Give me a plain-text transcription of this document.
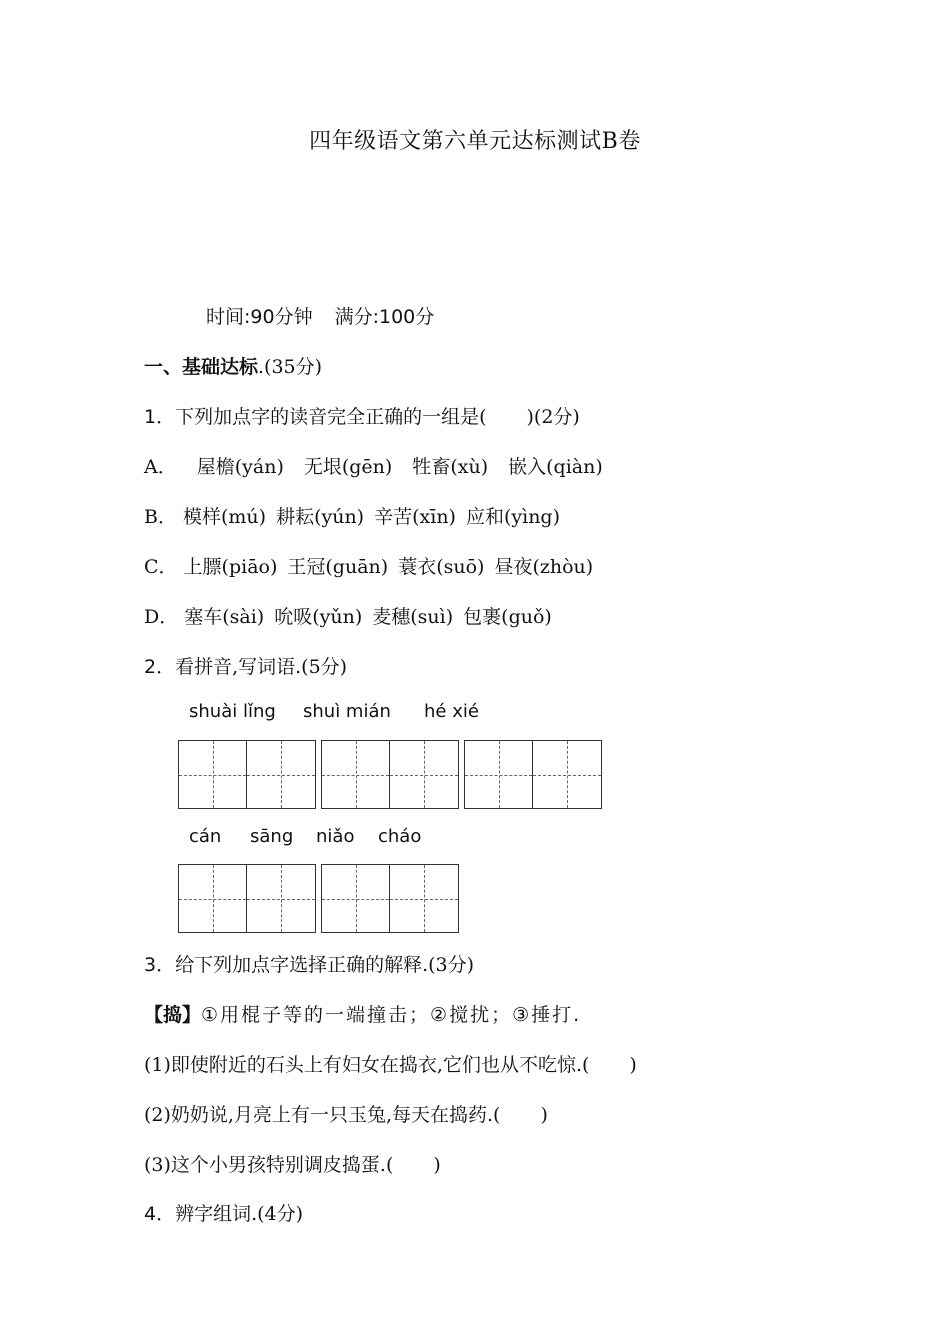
四年级语文第六单元达标测试B卷
时间:90分钟 满分:100分
一、基础达标.(35分)
1．下列加点字的读音完全正确的一组是( )(2分)
A． 屋檐(yán) 无垠(gēn) 牲畜(xù) 嵌入(qiàn)
B． 模样(mú) 耕耘(yún) 辛苦(xīn) 应和(yìng)
C． 上膘(piāo) 王冠(guān) 蓑衣(suō) 昼夜(zhòu)
D． 塞车(sài) 吮吸(yǔn) 麦穗(suì) 包裹(guǒ)
2．看拼音,写词语.(5分)
shuài lǐng shuì mián hé xié
cán sāng niǎo cháo
3．给下列加点字选择正确的解释.(3分)
【捣】①用棍子等的一端撞击；②搅扰；③捶打.
(1)即使附近的石头上有妇女在捣衣,它们也从不吃惊.( )
(2)奶奶说,月亮上有一只玉兔,每天在捣药.( )
(3)这个小男孩特别调皮捣蛋.( )
4．辨字组词.(4分)
